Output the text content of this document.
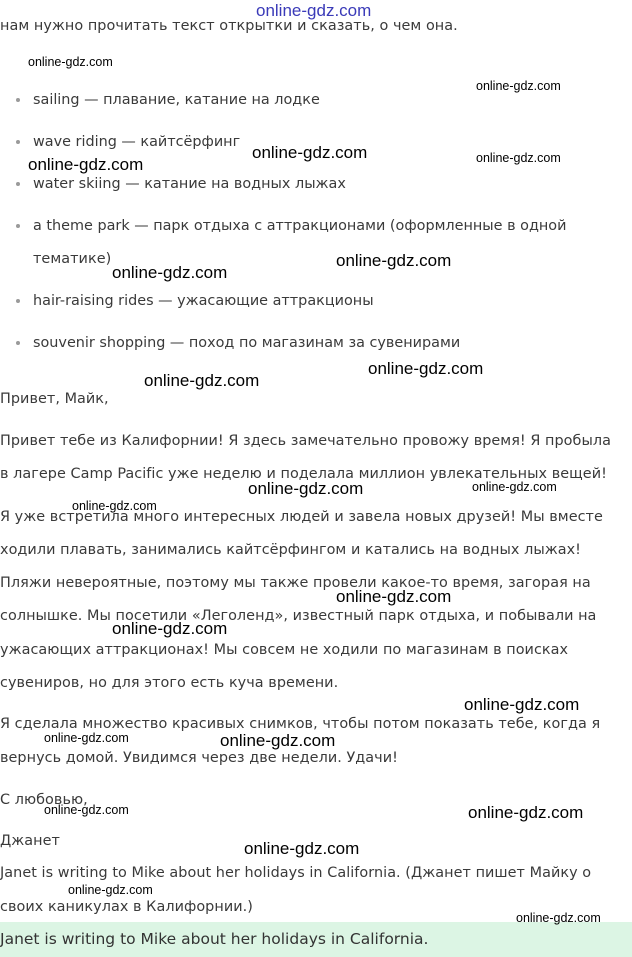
online-gdz.com
нам нужно прочитать текст открытки и сказать, о чем она.
sailing — плавание, катание на лодке
wave riding — кайтсёрфинг
water skiing — катание на водных лыжах
a theme park — парк отдыха с аттракционами (оформленные в одной
тематике)
hair-raising rides — ужасающие аттракционы
souvenir shopping — поход по магазинам за сувенирами
Привет, Майк,
Привет тебе из Калифорнии! Я здесь замечательно провожу время! Я пробыла
в лагере Camp Pacific уже неделю и поделала миллион увлекательных вещей!
Я уже встретила много интересных людей и завела новых друзей! Мы вместе
ходили плавать, занимались кайтсёрфингом и катались на водных лыжах!
Пляжи невероятные, поэтому мы также провели какое-то время, загорая на
солнышке. Мы посетили «Леголенд», известный парк отдыха, и побывали на
ужасающих аттракционах! Мы совсем не ходили по магазинам в поисках
сувениров, но для этого есть куча времени.
Я сделала множество красивых снимков, чтобы потом показать тебе, когда я
вернусь домой. Увидимся через две недели. Удачи!
С любовью,
Джанет
Janet is writing to Mike about her holidays in California. (Джанет пишет Майку о
своих каникулах в Калифорнии.)
Janet is writing to Mike about her holidays in California.
online-gdz.com
online-gdz.com
online-gdz.com
online-gdz.com	online-gdz.com
online-gdz.com
online-gdz.com
online-gdz.com
online-gdz.com
online-gdz.com	online-gdz.com
online-gdz.com
online-gdz.com
online-gdz.com
online-gdz.com
online-gdz.com
online-gdz.com
online-gdz.com
online-gdz.com
online-gdz.com
online-gdz.com
online-gdz.com
